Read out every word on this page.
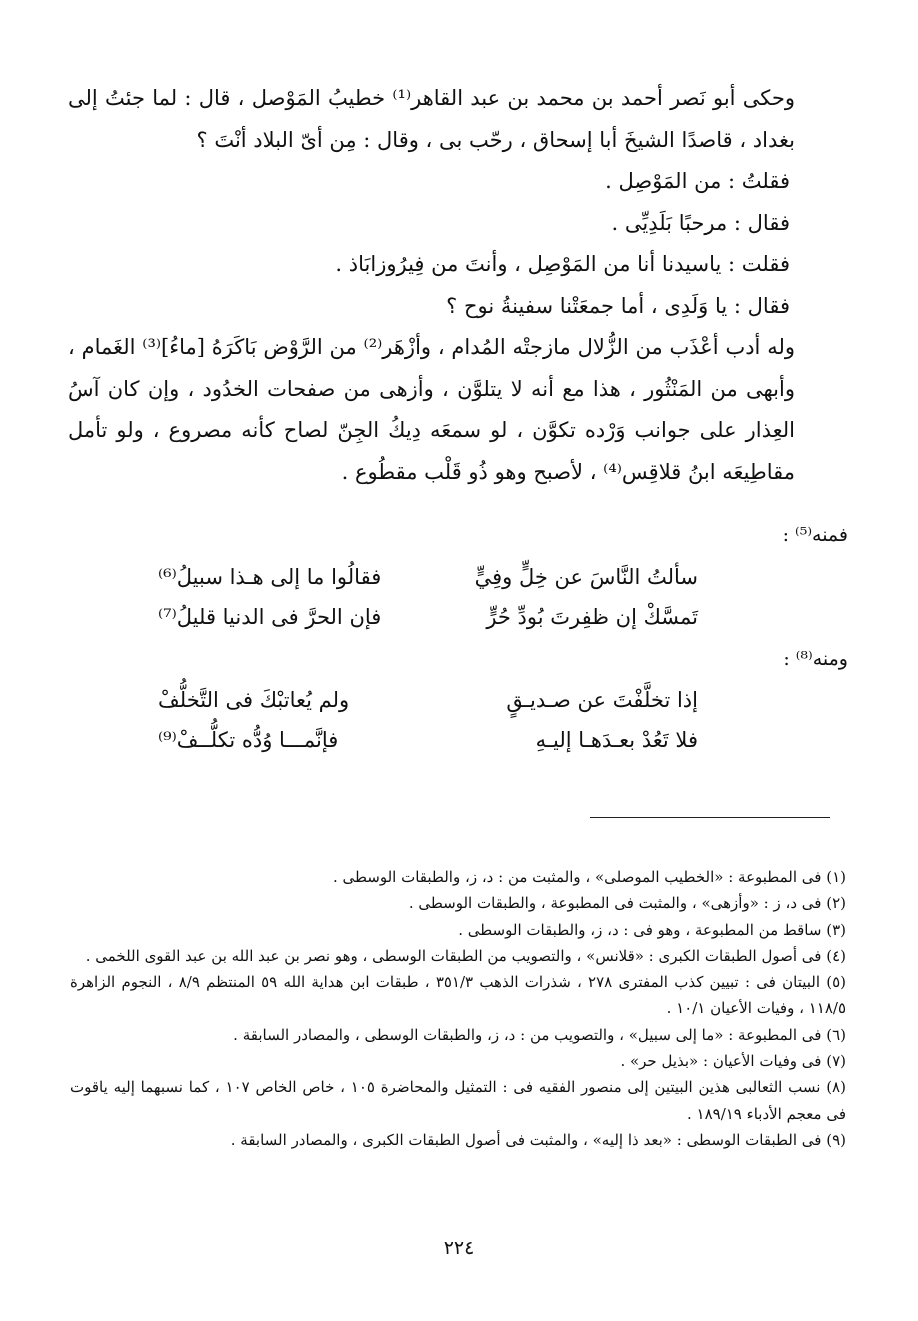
وحكى أبو نَصر أحمد بن محمد بن عبد القاهر⁽¹⁾ خطيبُ المَوْصل ، قال : لما جئتُ إلى بغداد ، قاصدًا الشيخَ أبا إسحاق ، رحّب بى ، وقال : مِن أىّ البلاد أنْتَ ؟

فقلتُ : من المَوْصِل .

فقال : مرحبًا بَلَدِيِّى .

فقلت : ياسيدنا أنا من المَوْصِل ، وأنتَ من فِيرُوزابَاذ .

فقال : يا وَلَدِى ، أما جمعَتْنا سفينةُ نوح ؟

وله أدب أعْذَب من الزُّلال مازجتْه المُدام ، وأزْهَر⁽²⁾ من الرَّوْض بَاكَرَهُ [ماءُ]⁽³⁾ الغَمام ، وأبهى من المَنْثُور ، هذا مع أنه لا يتلوَّن ، وأزهى من صفحات الخدُود ، وإن كان آسُ العِذار على جوانب وَرْده تكوَّن ، لو سمعَه دِيكُ الجِنّ لصاح كأنه مصروع ، ولو تأمل مقاطِيعَه ابنُ قلاقِس⁽⁴⁾ ، لأصبح وهو ذُو قَلْب مقطُوع .

فمنه⁽⁵⁾ :
سألتُ النَّاسَ عن خِلٍّ وفِيٍّ
فقالُوا ما إلى هـذا سبيلُ⁽⁶⁾
تَمسَّكْ إن ظفِرتَ بُودِّ حُرٍّ
فإن الحرَّ فى الدنيا قليلُ⁽⁷⁾
ومنه⁽⁸⁾ :
إذا تخلَّفْتَ عن صـديـقٍ
ولم يُعاتبْكَ فى التَّخلُّفْ
فلا تَعُدْ بعـدَهـا إليـهِ
فإنَّمـــا وُدُّه تكلُّــفْ⁽⁹⁾

(١) فى المطبوعة : «الخطيب الموصلى» ، والمثبت من : د، ز، والطبقات الوسطى .

(٢) فى د، ز : «وأزهى» ، والمثبت فى المطبوعة ، والطبقات الوسطى .

(٣) ساقط من المطبوعة ، وهو فى : د، ز، والطبقات الوسطى .

(٤) فى أصول الطبقات الكبرى : «قلانس» ، والتصويب من الطبقات الوسطى ، وهو نصر بن عبد الله بن عبد القوى اللخمى .

(٥) البيتان فى : تبيين كذب المفترى ٢٧٨ ، شذرات الذهب ٣٥١/٣ ، طبقات ابن هداية الله ٥٩ المنتظم ٨/٩ ، النجوم الزاهرة ١١٨/٥ ، وفيات الأعيان ١٠/١ .

(٦) فى المطبوعة : «ما إلى سبيل» ، والتصويب من : د، ز، والطبقات الوسطى ، والمصادر السابقة .

(٧) فى وفيات الأعيان : «بذيل حر» .

(٨) نسب الثعالبى هذين البيتين إلى منصور الفقيه فى : التمثيل والمحاضرة ١٠٥ ، خاص الخاص ١٠٧ ، كما نسبهما إليه ياقوت فى معجم الأدباء ١٨٩/١٩ .

(٩) فى الطبقات الوسطى : «بعد ذا إليه» ، والمثبت فى أصول الطبقات الكبرى ، والمصادر السابقة .

٢٢٤
